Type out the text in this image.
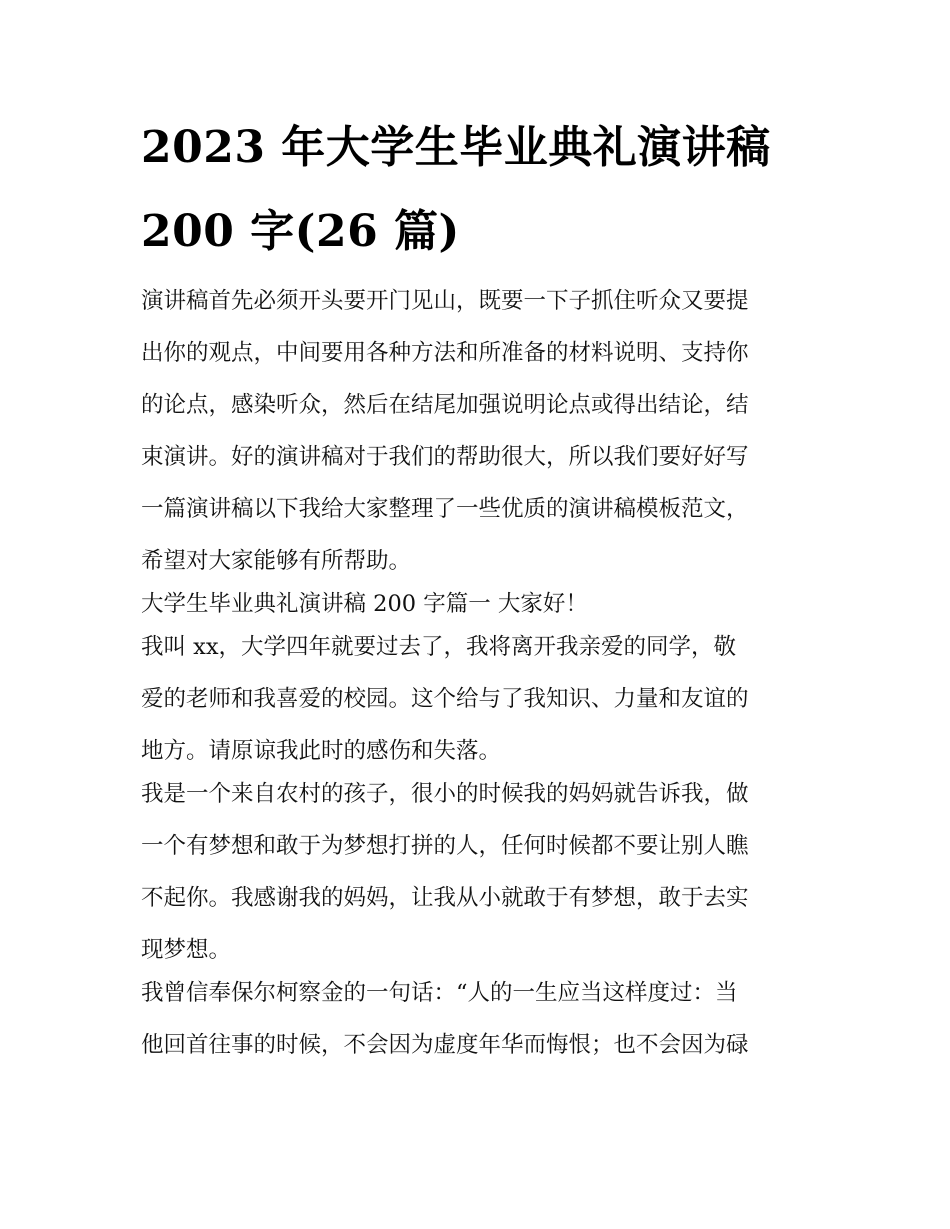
2023 年大学生毕业典礼演讲稿
200 字(26 篇)
演讲稿首先必须开头要开门见山，既要一下子抓住听众又要提
出你的观点，中间要用各种方法和所准备的材料说明、支持你
的论点，感染听众，然后在结尾加强说明论点或得出结论，结
束演讲。好的演讲稿对于我们的帮助很大，所以我们要好好写
一篇演讲稿以下我给大家整理了一些优质的演讲稿模板范文，
希望对大家能够有所帮助。
大学生毕业典礼演讲稿 200 字篇一 大家好！
我叫 xx，大学四年就要过去了，我将离开我亲爱的同学，敬
爱的老师和我喜爱的校园。这个给与了我知识、力量和友谊的
地方。请原谅我此时的感伤和失落。
我是一个来自农村的孩子，很小的时候我的妈妈就告诉我，做
一个有梦想和敢于为梦想打拼的人，任何时候都不要让别人瞧
不起你。我感谢我的妈妈，让我从小就敢于有梦想，敢于去实
现梦想。
我曾信奉保尔柯察金的一句话：“人的一生应当这样度过：当
他回首往事的时候，不会因为虚度年华而悔恨；也不会因为碌
